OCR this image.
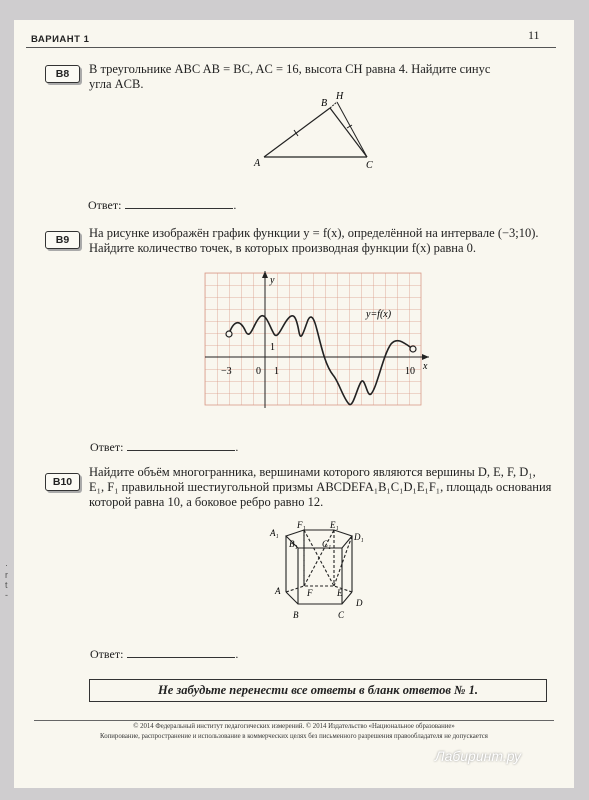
ВАРИАНТ 1	11
B8	В треугольнике ABC AB = BC, AC = 16, высота CH равна 4. Найдите синус
угла ACB.
A
B
C
H
Ответ:	.
B9	На рисунке изображён график функции y = f(x), определённой на интервале (−3;10).
Найдите количество точек, в которых производная функции f(x) равна 0.
y
x
y=f(x)
−3 0 1
1
10
Ответ:	.
B10
Найдите объём многогранника, вершинами которого являются вершины D, E, F, D₁,
E₁, F₁ правильной шестиугольной призмы ABCDEFA₁B₁C₁D₁E₁F₁, площадь основания
которой равна 10, а боковое ребро равно 12.
A₁
F₁	E₁
D₁
B₁	C₁
A	F	E
D
B	C
Ответ:	.
Не забудьте перенести все ответы в бланк ответов № 1.
© 2014 Федеральный институт педагогических измерений. © 2014 Издательство «Национальное образование»
Копирование, распространение и использование в коммерческих целях без письменного разрешения правообладателя не допускается
·
r
t
-
Лабиринт.ру
